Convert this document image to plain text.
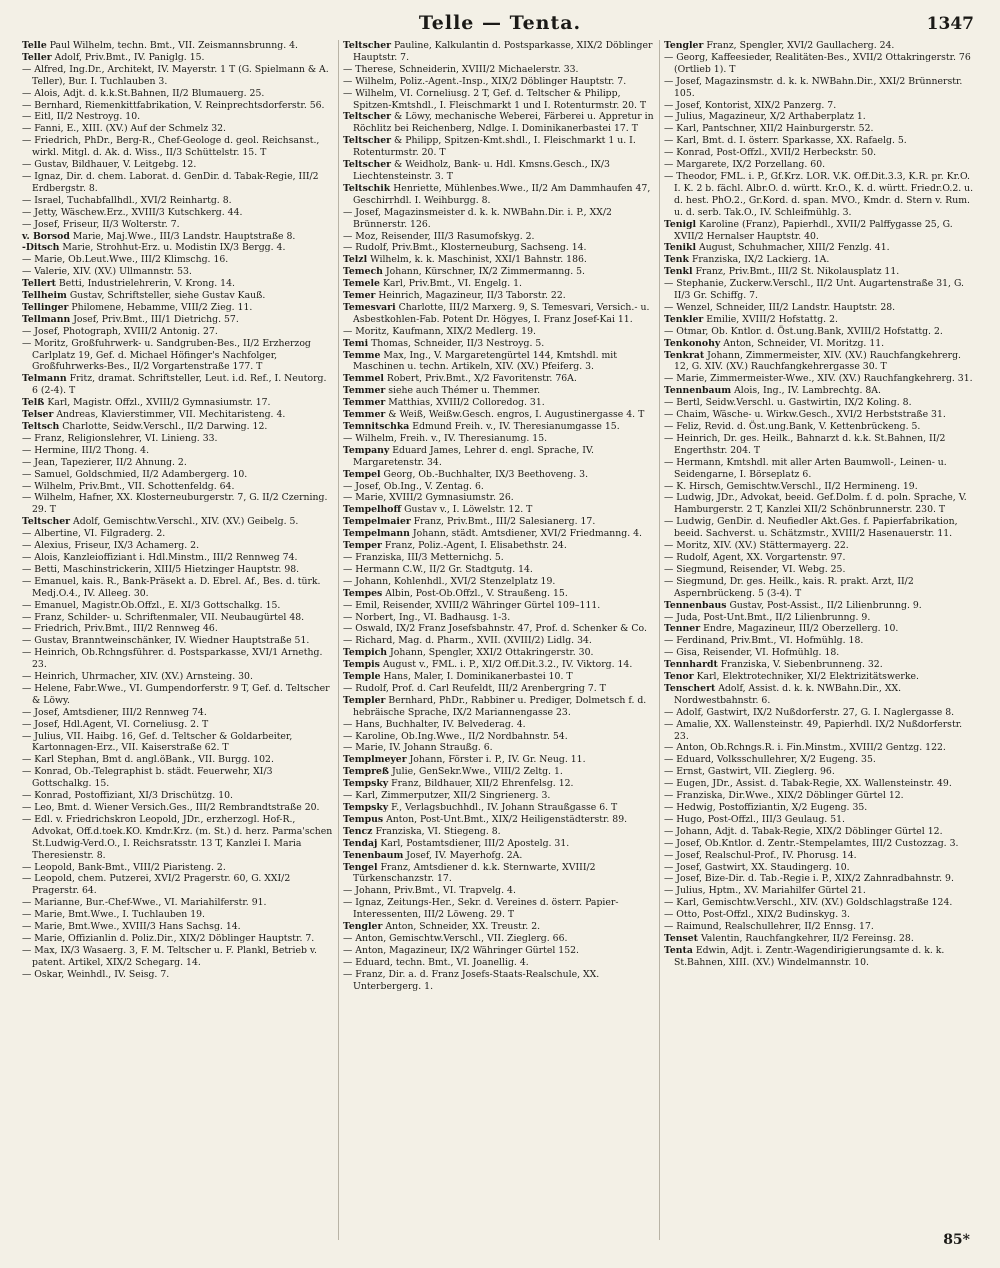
Telle — Tenta.	1347

Telle Paul Wilhelm, techn. Bmt., VII. Zeismannsbrunng. 4.

Teller Adolf, Priv.Bmt., IV. Paniglg. 15.

— Alfred, Ing.Dr., Architekt, IV. Mayerstr. 1 T (G. Spielmann & A. Teller), Bur. I. Tuchlauben 3.

— Alois, Adjt. d. k.k.St.Bahnen, II/2 Blumauerg. 25.

— Bernhard, Riemenkittfabrikation, V. Reinprechtsdorferstr. 56.

— Eitl, II/2 Nestroyg. 10.

— Fanni, E., XIII. (XV.) Auf der Schmelz 32.

— Friedrich, PhDr., Berg-R., Chef-Geologe d. geol. Reichsanst., wirkl. Mitgl. d. Ak. d. Wiss., II/3 Schüttelstr. 15. T

— Gustav, Bildhauer, V. Leitgebg. 12.

— Ignaz, Dir. d. chem. Laborat. d. GenDir. d. Tabak-Regie, III/2 Erdbergstr. 8.

— Israel, Tuchabfallhdl., XVI/2 Reinhartg. 8.

— Jetty, Wäschew.Erz., XVIII/3 Kutschkerg. 44.

— Josef, Friseur, II/3 Wolterstr. 7.

v. Borsod Marie, Maj.Wwe., III/3 Landstr. Hauptstraße 8.

-Ditsch Marie, Strohhut-Erz. u. Modistin IX/3 Bergg. 4.

— Marie, Ob.Leut.Wwe., III/2 Klimschg. 16.

— Valerie, XIV. (XV.) Ullmannstr. 53.

Tellert Betti, Industrielehrerin, V. Krong. 14.

Tellheim Gustav, Schriftsteller, siehe Gustav Kauß.

Tellinger Philomene, Hebamme, VIII/2 Zieg. 11.

Tellmann Josef, Priv.Bmt., III/1 Dietrichg. 57.

— Josef, Photograph, XVIII/2 Antonig. 27.

— Moritz, Großfuhrwerk- u. Sandgruben-Bes., II/2 Erzherzog Carlplatz 19, Gef. d. Michael Höfinger's Nachfolger, Großfuhrwerks-Bes., II/2 Vorgartenstraße 177. T

Telmann Fritz, dramat. Schriftsteller, Leut. i.d. Ref., I. Neutorg. 6 (2-4). T

Telß Karl, Magistr. Offzl., XVIII/2 Gymnasiumstr. 17.

Telser Andreas, Klavierstimmer, VII. Mechitaristeng. 4.

Teltsch Charlotte, Seidw.Verschl., II/2 Darwing. 12.

— Franz, Religionslehrer, VI. Linieng. 33.

— Hermine, III/2 Thong. 4.

— Jean, Tapezierer, II/2 Ahnung. 2.

— Samuel, Goldschmied, II/2 Adambergerg. 10.

— Wilhelm, Priv.Bmt., VII. Schottenfeldg. 64.

— Wilhelm, Hafner, XX. Klosterneuburgerstr. 7, G. II/2 Czerning. 29. T

Teltscher Adolf, Gemischtw.Verschl., XIV. (XV.) Geibelg. 5.

— Albertine, VI. Filgraderg. 2.

— Alexius, Friseur, IX/3 Achamerg. 2.

— Alois, Kanzleioffiziant i. Hdl.Minstm., III/2 Rennweg 74.

— Betti, Maschinstrickerin, XIII/5 Hietzinger Hauptstr. 98.

— Emanuel, kais. R., Bank-Präsekt a. D. Ebrel. Af., Bes. d. türk. Medj.O.4., IV. Alleeg. 30.

— Emanuel, Magistr.Ob.Offzl., E. XI/3 Gottschalkg. 15.

— Franz, Schilder- u. Schriftenmaler, VII. Neubaugürtel 48.

— Friedrich, Priv.Bmt., III/2 Rennweg 46.

— Gustav, Branntweinschänker, IV. Wiedner Hauptstraße 51.

— Heinrich, Ob.Rchngsführer. d. Postsparkasse, XVI/1 Arnethg. 23.

— Heinrich, Uhrmacher, XIV. (XV.) Arnsteing. 30.

— Helene, Fabr.Wwe., VI. Gumpendorferstr. 9 T, Gef. d. Teltscher & Löwy.

— Josef, Amtsdiener, III/2 Rennweg 74.

— Josef, Hdl.Agent, VI. Corneliusg. 2. T

— Julius, VII. Haibg. 16, Gef. d. Teltscher & Goldarbeiter, Kartonnagen-Erz., VII. Kaiserstraße 62. T

— Karl Stephan, Bmt d. angl.öBank., VII. Burgg. 102.

— Konrad, Ob.-Telegraphist b. städt. Feuerwehr, XI/3 Gottschalkg. 15.

— Konrad, Postoffiziant, XI/3 Drischützg. 10.

— Leo, Bmt. d. Wiener Versich.Ges., III/2 Rembrandtstraße 20.

— Edl. v. Friedrichskron Leopold, JDr., erzherzogl. Hof-R., Advokat, Off.d.toek.KO. Kmdr.Krz. (m. St.) d. herz. Parma'schen St.Ludwig-Verd.O., I. Reichsratsstr. 13 T, Kanzlei I. Maria Theresienstr. 8.

— Leopold, Bank-Bmt., VIII/2 Piaristeng. 2.

— Leopold, chem. Putzerei, XVI/2 Pragerstr. 60, G. XXI/2 Pragerstr. 64.

— Marianne, Bur.-Chef-Wwe., VI. Mariahilferstr. 91.

— Marie, Bmt.Wwe., I. Tuchlauben 19.

— Marie, Bmt.Wwe., XVIII/3 Hans Sachsg. 14.

— Marie, Offizianlin d. Poliz.Dir., XIX/2 Döblinger Hauptstr. 7.

— Max, IX/3 Wasaerg. 3, F. M. Teltscher u. F. Plankl, Betrieb v. patent. Artikel, XIX/2 Schegarg. 14.

— Oskar, Weinhdl., IV. Seisg. 7.

Teltscher Pauline, Kalkulantin d. Postsparkasse, XIX/2 Döblinger Hauptstr. 7.

— Therese, Schneiderin, XVIII/2 Michaelerstr. 33.

— Wilhelm, Poliz.-Agent.-Insp., XIX/2 Döblinger Hauptstr. 7.

— Wilhelm, VI. Corneliusg. 2 T, Gef. d. Teltscher & Philipp, Spitzen-Kmtshdl., I. Fleischmarkt 1 und I. Rotenturmstr. 20. T

Teltscher & Löwy, mechanische Weberei, Färberei u. Appretur in Röchlitz bei Reichenberg, Ndlge. I. Dominikanerbastei 17. T

Teltscher & Philipp, Spitzen-Kmt.shdl., I. Fleischmarkt 1 u. I. Rotenturmstr. 20. T

Teltscher & Weidholz, Bank- u. Hdl. Kmsns.Gesch., IX/3 Liechtensteinstr. 3. T

Teltschik Henriette, Mühlenbes.Wwe., II/2 Am Dammhaufen 47, Geschirrhdl. I. Weihburgg. 8.

— Josef, Magazinsmeister d. k. k. NWBahn.Dir. i. P., XX/2 Brünnerstr. 126.

— Moz, Reisender, III/3 Rasumofskyg. 2.

— Rudolf, Priv.Bmt., Klosterneuburg, Sachseng. 14.

Telzl Wilhelm, k. k. Maschinist, XXI/1 Bahnstr. 186.

Temech Johann, Kürschner, IX/2 Zimmermanng. 5.

Temele Karl, Priv.Bmt., VI. Engelg. 1.

Temer Heinrich, Magazineur, II/3 Taborstr. 22.

Temesvari Charlotte, III/2 Marxerg. 9, S. Temesvari, Versich.- u. Asbestkohlen-Fab. Potent Dr. Högyes, I. Franz Josef-Kai 11.

— Moritz, Kaufmann, XIX/2 Medlerg. 19.

Temi Thomas, Schneider, II/3 Nestroyg. 5.

Temme Max, Ing., V. Margaretengürtel 144, Kmtshdl. mit Maschinen u. techn. Artikeln, XIV. (XV.) Pfeiferg. 3.

Temmel Robert, Priv.Bmt., X/2 Favoritenstr. 76A.

Temmer siehe auch Thémer u. Themmer.

Temmer Matthias, XVIII/2 Colloredog. 31.

Temmer & Weiß, Weißw.Gesch. engros, I. Augustinergasse 4. T

Temnitschka Edmund Freih. v., IV. Theresianumgasse 15.

— Wilhelm, Freih. v., IV. Theresianumg. 15.

Tempany Eduard James, Lehrer d. engl. Sprache, IV. Margaretenstr. 34.

Tempel Georg, Ob.-Buchhalter, IX/3 Beethoveng. 3.

— Josef, Ob.Ing., V. Zentag. 6.

— Marie, XVIII/2 Gymnasiumstr. 26.

Tempelhoff Gustav v., I. Löwelstr. 12. T

Tempelmaier Franz, Priv.Bmt., III/2 Salesianerg. 17.

Tempelmann Johann, städt. Amtsdiener, XVI/2 Friedmanng. 4.

Temper Franz, Poliz.-Agent, I. Elisabethstr. 24.

— Franziska, III/3 Metternichg. 5.

— Hermann C.W., II/2 Gr. Stadtgutg. 14.

— Johann, Kohlenhdl., XVI/2 Stenzelplatz 19.

Tempes Albin, Post-Ob.Offzl., V. Straußeng. 15.

— Emil, Reisender, XVIII/2 Währinger Gürtel 109–111.

— Norbert, Ing., VI. Badhausg. 1-3.

— Oswald, IX/2 Franz Josefsbahnstr. 47, Prof. d. Schenker & Co.

— Richard, Mag. d. Pharm., XVII. (XVIII/2) Lidlg. 34.

Tempich Johann, Spengler, XXI/2 Ottakringerstr. 30.

Tempis August v., FML. i. P., XI/2 Off.Dit.3.2., IV. Viktorg. 14.

Temple Hans, Maler, I. Dominikanerbastei 10. T

— Rudolf, Prof. d. Carl Reufeldt, III/2 Arenbergring 7. T

Templer Bernhard, PhDr., Rabbiner u. Prediger, Dolmetsch f. d. hebräische Sprache, IX/2 Mariannengasse 23.

— Hans, Buchhalter, IV. Belvederag. 4.

— Karoline, Ob.Ing.Wwe., II/2 Nordbahnstr. 54.

— Marie, IV. Johann Straußg. 6.

Templmeyer Johann, Förster i. P., IV. Gr. Neug. 11.

Tempreß Julie, GenSekr.Wwe., VIII/2 Zeltg. 1.

Tempsky Franz, Bildhauer, XII/2 Ehrenfelsg. 12.

— Karl, Zimmerputzer, XII/2 Singrienerg. 3.

Tempsky F., Verlagsbuchhdl., IV. Johann Straußgasse 6. T

Tempus Anton, Post-Unt.Bmt., XIX/2 Heiligenstädterstr. 89.

Tencz Franziska, VI. Stiegeng. 8.

Tendaj Karl, Postamtsdiener, III/2 Apostelg. 31.

Tenenbaum Josef, IV. Mayerhofg. 2A.

Tengel Franz, Amtsdiener d. k.k. Sternwarte, XVIII/2 Türkenschanzstr. 17.

— Johann, Priv.Bmt., VI. Trapvelg. 4.

— Ignaz, Zeitungs-Her., Sekr. d. Vereines d. österr. Papier-Interessenten, III/2 Löweng. 29. T

Tengler Anton, Schneider, XX. Treustr. 2.

— Anton, Gemischtw.Verschl., VII. Zieglerg. 66.

— Anton, Magazineur, IX/2 Währinger Gürtel 152.

— Eduard, techn. Bmt., VI. Joanellig. 4.

— Franz, Dir. a. d. Franz Josefs-Staats-Realschule, XX. Unterbergerg. 1.

Tengler Franz, Spengler, XVI/2 Gaullacherg. 24.

— Georg, Kaffeesieder, Realitäten-Bes., XVII/2 Ottakringerstr. 76 (Ortlieb 1). T

— Josef, Magazinsmstr. d. k. k. NWBahn.Dir., XXI/2 Brünnerstr. 105.

— Josef, Kontorist, XIX/2 Panzerg. 7.

— Julius, Magazineur, X/2 Arthaberplatz 1.

— Karl, Pantschner, XII/2 Hainburgerstr. 52.

— Karl, Bmt. d. I. österr. Sparkasse, XX. Rafaelg. 5.

— Konrad, Post-Offzl., XVII/2 Herbeckstr. 50.

— Margarete, IX/2 Porzellang. 60.

— Theodor, FML. i. P., Gf.Krz. LOR. V.K. Off.Dit.3.3, K.R. pr. Kr.O. I. K. 2 b. fächl. Albr.O. d. württ. Kr.O., K. d. württ. Friedr.O.2. u. d. hest. PhO.2., Gr.Kord. d. span. MVO., Kmdr. d. Stern v. Rum. u. d. serb. Tak.O., IV. Schleifmühlg. 3.

Tenigl Karoline (Franz), Papierhdl., XVII/2 Palffygasse 25, G. XVII/2 Hernalser Hauptstr. 40.

Tenikl August, Schuhmacher, XIII/2 Fenzlg. 41.

Tenk Franziska, IX/2 Lackierg. 1A.

Tenkl Franz, Priv.Bmt., III/2 St. Nikolausplatz 11.

— Stephanie, Zuckerw.Verschl., II/2 Unt. Augartenstraße 31, G. II/3 Gr. Schiffg. 7.

— Wenzel, Schneider, III/2 Landstr. Hauptstr. 28.

Tenkler Emilie, XVIII/2 Hofstattg. 2.

— Otmar, Ob. Kntlor. d. Öst.ung.Bank, XVIII/2 Hofstattg. 2.

Tenkonohy Anton, Schneider, VI. Moritzg. 11.

Tenkrat Johann, Zimmermeister, XIV. (XV.) Rauchfangkehrerg. 12, G. XIV. (XV.) Rauchfangkehrergasse 30. T

— Marie, Zimmermeister-Wwe., XIV. (XV.) Rauchfangkehrerg. 31.

Tennenbaum Alois, Ing., IV. Lambrechtg. 8A.

— Bertl, Seidw.Verschl. u. Gastwirtin, IX/2 Koling. 8.

— Chaim, Wäsche- u. Wirkw.Gesch., XVI/2 Herbststraße 31.

— Feliz, Revid. d. Öst.ung.Bank, V. Kettenbrückeng. 5.

— Heinrich, Dr. ges. Heilk., Bahnarzt d. k.k. St.Bahnen, II/2 Engerthstr. 204. T

— Hermann, Kmtshdl. mit aller Arten Baumwoll-, Leinen- u. Seidengarne, I. Börseplatz 6.

— K. Hirsch, Gemischtw.Verschl., II/2 Hermineng. 19.

— Ludwig, JDr., Advokat, beeid. Gef.Dolm. f. d. poln. Sprache, V. Hamburgerstr. 2 T, Kanzlei XII/2 Schönbrunnerstr. 230. T

— Ludwig, GenDir. d. Neufiedler Akt.Ges. f. Papierfabrikation, beeid. Sachverst. u. Schätzmstr., XVIII/2 Hasenauerstr. 11.

— Moritz, XIV. (XV.) Stättermayerg. 22.

— Rudolf, Agent, XX. Vorgartenstr. 97.

— Siegmund, Reisender, VI. Webg. 25.

— Siegmund, Dr. ges. Heilk., kais. R. prakt. Arzt, II/2 Aspernbrückeng. 5 (3-4). T

Tennenbaus Gustav, Post-Assist., II/2 Lilienbrunng. 9.

— Juda, Post-Unt.Bmt., II/2 Lilienbrunng. 9.

Tenner Endre, Magazineur, III/2 Oberzellerg. 10.

— Ferdinand, Priv.Bmt., VI. Hofmühlg. 18.

— Gisa, Reisender, VI. Hofmühlg. 18.

Tennhardt Franziska, V. Siebenbrunneng. 32.

Tenor Karl, Elektrotechniker, XI/2 Elektrizitätswerke.

Tenschert Adolf, Assist. d. k. k. NWBahn.Dir., XX. Nordwestbahnstr. 6.

— Adolf, Gastwirt, IX/2 Nußdorferstr. 27, G. I. Naglergasse 8.

— Amalie, XX. Wallensteinstr. 49, Papierhdl. IX/2 Nußdorferstr. 23.

— Anton, Ob.Rchngs.R. i. Fin.Minstm., XVIII/2 Gentzg. 122.

— Eduard, Volksschullehrer, X/2 Eugeng. 35.

— Ernst, Gastwirt, VII. Zieglerg. 96.

— Eugen, JDr., Assist. d. Tabak-Regie, XX. Wallensteinstr. 49.

— Franziska, Dir.Wwe., XIX/2 Döblinger Gürtel 12.

— Hedwig, Postoffiziantin, X/2 Eugeng. 35.

— Hugo, Post-Offzl., III/3 Geulaug. 51.

— Johann, Adjt. d. Tabak-Regie, XIX/2 Döblinger Gürtel 12.

— Josef, Ob.Kntlor. d. Zentr.-Stempelamtes, III/2 Custozzag. 3.

— Josef, Realschul-Prof., IV. Phorusg. 14.

— Josef, Gastwirt, XX. Staudingerg. 10.

— Josef, Bize-Dir. d. Tab.-Regie i. P., XIX/2 Zahnradbahnstr. 9.

— Julius, Hptm., XV. Mariahilfer Gürtel 21.

— Karl, Gemischtw.Verschl., XIV. (XV.) Goldschlagstraße 124.

— Otto, Post-Offzl., XIX/2 Budinskyg. 3.

— Raimund, Realschullehrer, II/2 Ennsg. 17.

Tenset Valentin, Rauchfangkehrer, II/2 Fereinsg. 28.

Tenta Edwin, Adjt. i. Zentr.-Wagendirigierungsamte d. k. k. St.Bahnen, XIII. (XV.) Windelmannstr. 10.

85*
